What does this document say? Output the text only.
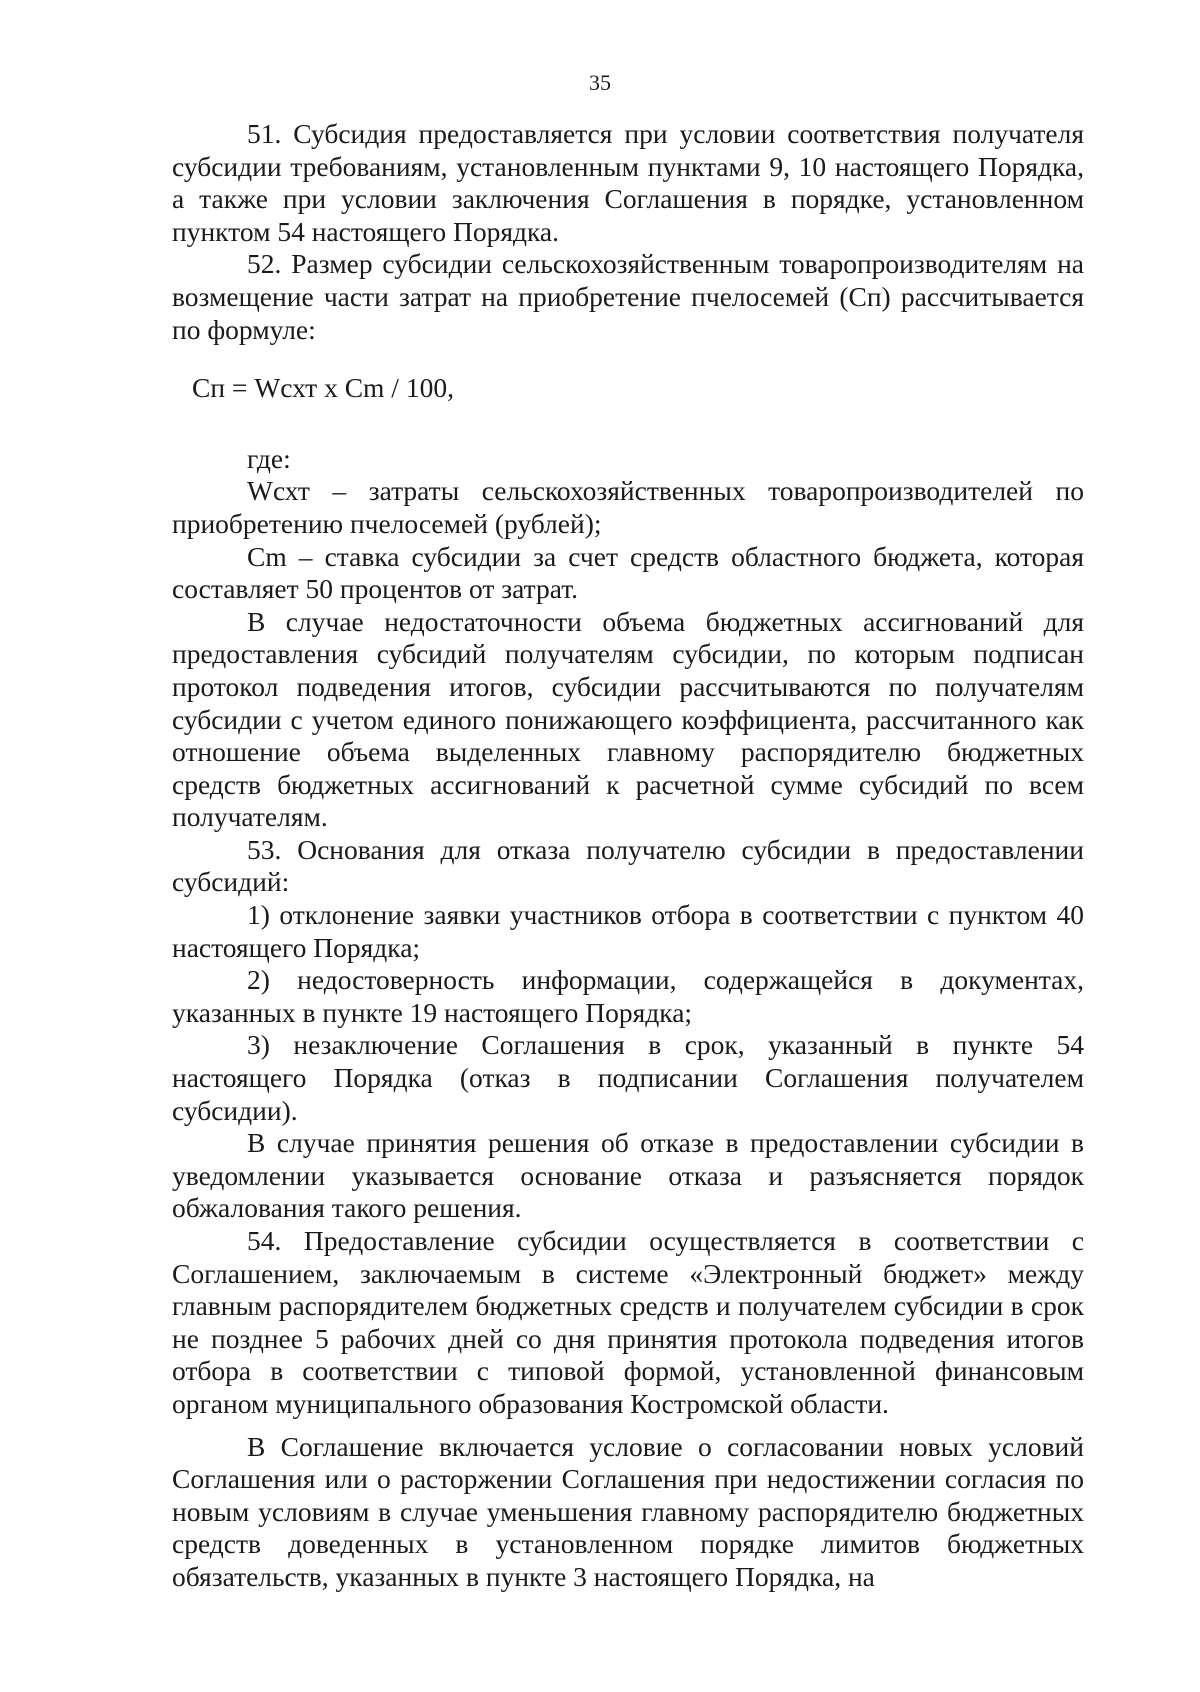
35

51. Субсидия предоставляется при условии соответствия получателя субсидии требованиям, установленным пунктами 9, 10 настоящего Порядка, а также при условии заключения Соглашения в порядке, установленном пунктом 54 настоящего Порядка.

52. Размер субсидии сельскохозяйственным товаропроизводителям на возмещение части затрат на приобретение пчелосемей (Сп) рассчитывается по формуле:

Сп = Wсхт х Сm / 100,

где:

Wсхт – затраты сельскохозяйственных товаропроизводителей по приобретению пчелосемей (рублей);

Сm – ставка субсидии за счет средств областного бюджета, которая составляет 50 процентов от затрат.

В случае недостаточности объема бюджетных ассигнований для предоставления субсидий получателям субсидии, по которым подписан протокол подведения итогов, субсидии рассчитываются по получателям субсидии с учетом единого понижающего коэффициента, рассчитанного как отношение объема выделенных главному распорядителю бюджетных средств бюджетных ассигнований к расчетной сумме субсидий по всем получателям.

53. Основания для отказа получателю субсидии в предоставлении субсидий:

1) отклонение заявки участников отбора в соответствии с пунктом 40 настоящего Порядка;

2) недостоверность информации, содержащейся в документах, указанных в пункте 19 настоящего Порядка;

3) незаключение Соглашения в срок, указанный в пункте 54 настоящего Порядка (отказ в подписании Соглашения получателем субсидии).

В случае принятия решения об отказе в предоставлении субсидии в уведомлении указывается основание отказа и разъясняется порядок обжалования такого решения.

54. Предоставление субсидии осуществляется в соответствии с Соглашением, заключаемым в системе «Электронный бюджет» между главным распорядителем бюджетных средств и получателем субсидии в срок не позднее 5 рабочих дней со дня принятия протокола подведения итогов отбора в соответствии с типовой формой, установленной финансовым органом муниципального образования Костромской области.

В Соглашение включается условие о согласовании новых условий Соглашения или о расторжении Соглашения при недостижении согласия по новым условиям в случае уменьшения главному распорядителю бюджетных средств доведенных в установленном порядке лимитов бюджетных обязательств, указанных в пункте 3 настоящего Порядка, на
